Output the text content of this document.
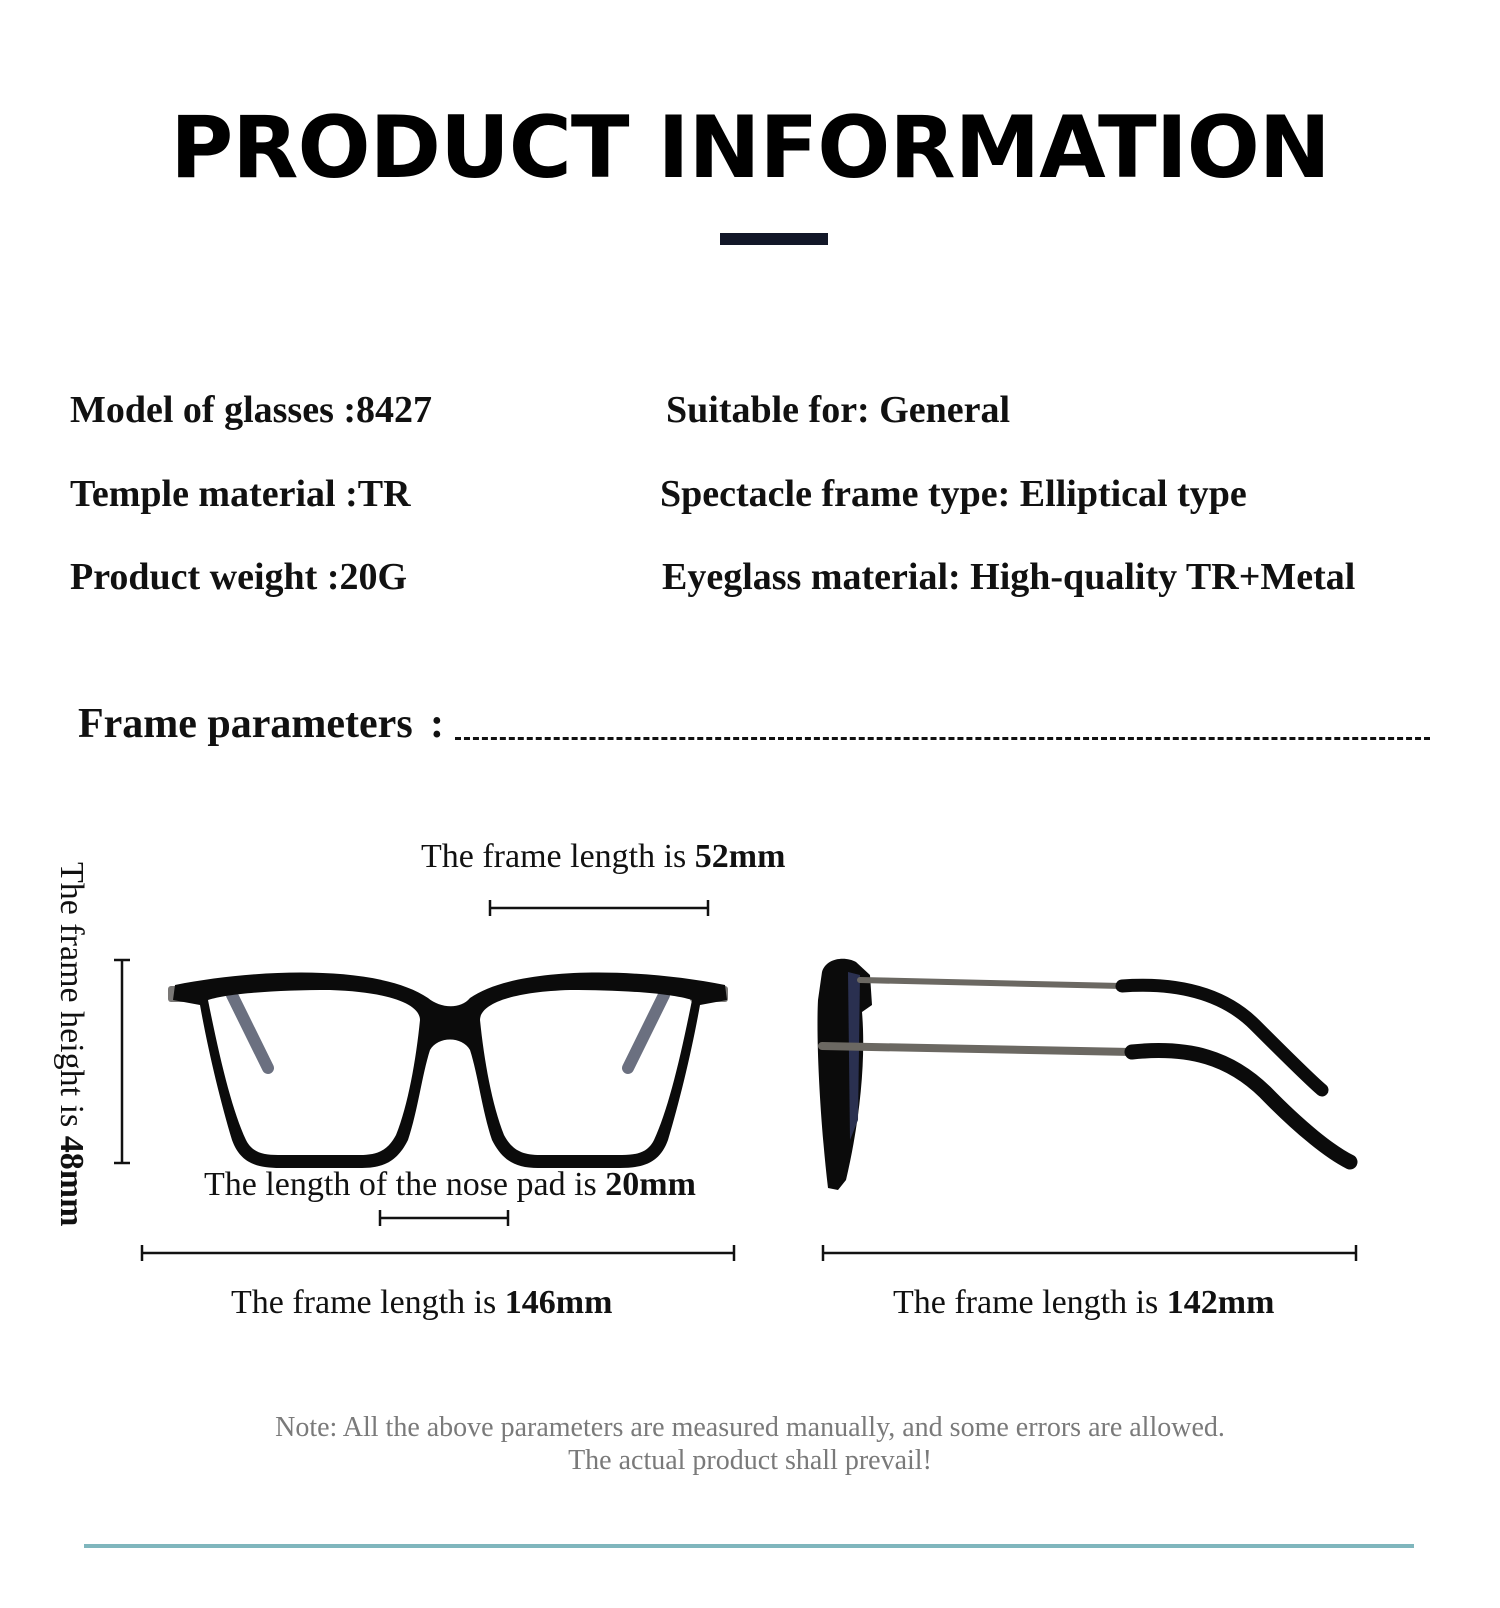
PRODUCT INFORMATION
Model of glasses :8427
Temple material :TR
Product weight :20G
Suitable for: General
Spectacle frame type: Elliptical type
Eyeglass material: High-quality TR+Metal
Frame parameters :
The frame length is 52mm
The frame height is 48mm	The length of the nose pad is 20mm
The frame length is 146mm	The frame length is 142mm
Note: All the above parameters are measured manually, and some errors are allowed.
The actual product shall prevail!
